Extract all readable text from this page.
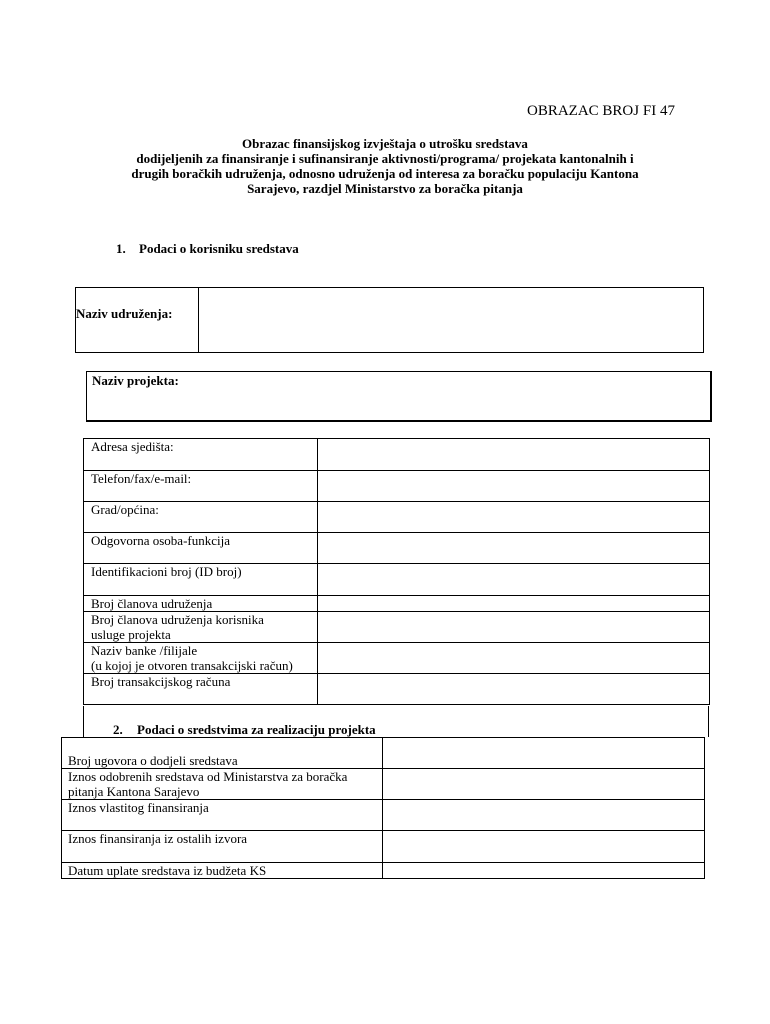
OBRAZAC BROJ FI 47
Obrazac finansijskog izvještaja o utrošku sredstava
dodijeljenih za finansiranje i sufinansiranje aktivnosti/programa/ projekata kantonalnih i
drugih boračkih udruženja, odnosno udruženja od interesa za boračku populaciju Kantona
Sarajevo, razdjel Ministarstvo za boračka pitanja
1. Podaci o korisniku sredstava
Naziv udruženja:
Naziv projekta:
Adresa sjedišta:	

Telefon/fax/e-mail:	

Grad/općina:	

Odgovorna osoba-funkcija	

Identifikacioni broj (ID broj)	

Broj članova udruženja	

Broj članova udruženja korisnika
usluge projekta	

Naziv banke /filijale
(u kojoj je otvoren transakcijski račun)	

Broj transakcijskog računa	

2. Podaci o sredstvima za realizaciju projekta
Broj ugovora o dodjeli sredstava	

Iznos odobrenih sredstava od Ministarstva za boračka
pitanja Kantona Sarajevo	

Iznos vlastitog finansiranja	

Iznos finansiranja iz ostalih izvora	

Datum uplate sredstava iz budžeta KS	
